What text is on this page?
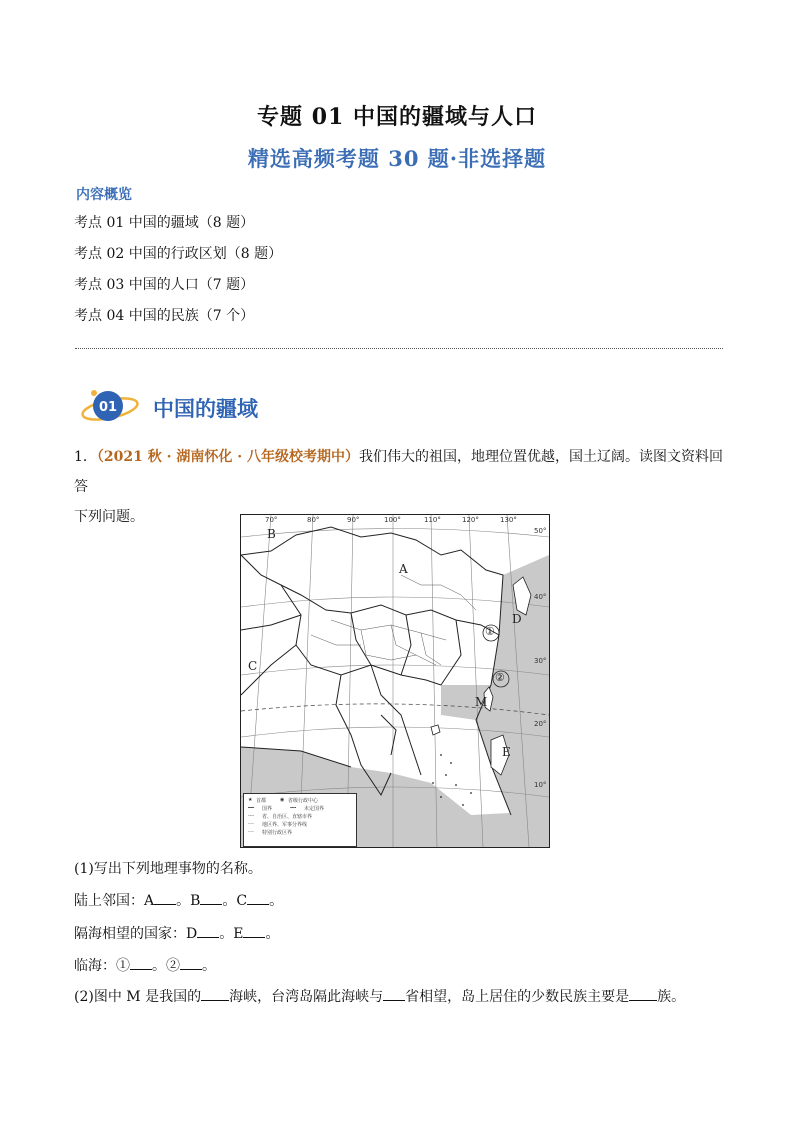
专题 01 中国的疆域与人口
精选高频考题 30 题·非选择题
内容概览
考点 01 中国的疆域（8 题）
考点 02 中国的行政区划（8 题）
考点 03 中国的人口（7 题）
考点 04 中国的民族（7 个）
01 中国的疆域
1．（2021 秋 · 湖南怀化 · 八年级校考期中）我们伟大的祖国，地理位置优越，国土辽阔。读图文资料回答
下列问题。	70°	80°	90°	100°	110°	120°	130°
50°
40°
30°
20°
10°
B
A
C
D
E
M
①
②
★ 首都	◉ 省级行政中心
━━ 国界	╍╍ 未定国界
╌╌ 省、自治区、直辖市界
┈┈ 地区界、军事分界线
┈┈ 特别行政区界
(1)写出下列地理事物的名称。
陆上邻国：A 。B 。C 。
隔海相望的国家：D 。E 。
临海：① 。② 。
(2)图中 M 是我国的 海峡，台湾岛隔此海峡与 省相望，岛上居住的少数民族主要是 族。
